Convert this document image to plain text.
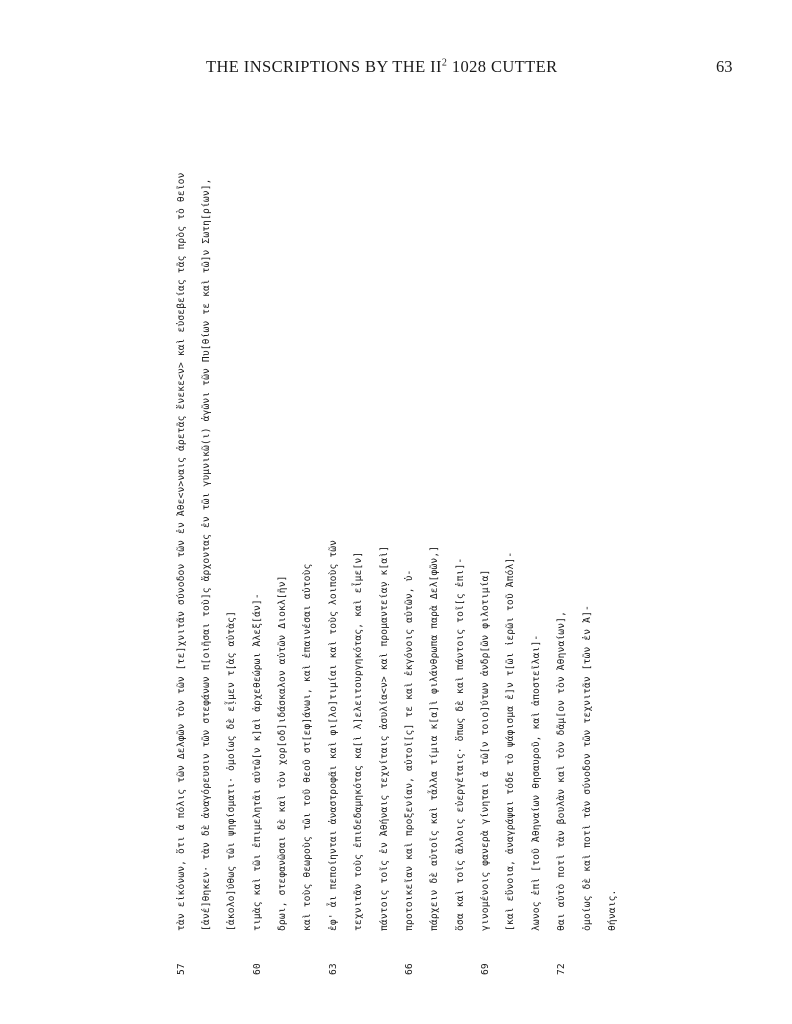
THE INSCRIPTIONS BY THE $II^2$ 1028 CUTTER	63
57
τὰν εἰκόνων, ὅτι ἁ πόλις τῶν Δελφῶν τὸν τῶν [τε]χνιτᾶν σύνοδον τῶν ἐν Ἀθε<ν>ναις ἀρετᾶς ἕνεκε<ν> καὶ εὐσεβείας τᾶς πρὸς τὸ θεῖον	[ἀνέ]θηκεν· τὰν δὲ ἀναγόρευσιν τῶν στεφάνων π[οιῆσαι τοὺ]ς ἄρχοντας ἐν τῶι γυμνικῶ(ι) ἀγῶνι τῶν Πυ[θίων τε καὶ τῶ]ν Σωτη[ρίων],	[ἀκολο]ύθως τῶι ψηφίσματι· ὁμοίως δὲ ε̣ἶμεν τ̣[ὰς αὐτὰς]
60
τιμὰς καὶ τῶι ἐπιμελητᾶι αὐτῶ[ν κ]αὶ ἀρχεθεώρωι Ἀλεξ[άν]-	δρωι, στεφανῶσαι δὲ καὶ τὸν χορ[οδ]ιδάσκαλον αὐτῶν Διοκλ[ῆν]	καὶ τοὺς θεωροὺς τῶι τοῦ θεοῦ στ[εφ]άνωι, καὶ ἐπαινέσαι αὐτοὺς
63
ἐφ' ἇι πεποίηνται ἀναστροφᾶι καὶ φι[λο]τιμίαι καὶ τοὺς λοιποὺς τῶν	τεχνιτᾶν τοὺς ἐπιδεδαμηκότας κα[ὶ λ]ελειτουργηκότας, καὶ εἶμε[ν]	πάντοις τοῖς ἐν Ἀθήναις τεχνίταις ἀσυλία<ν> καὶ προμαντεία̣ν κ[αὶ]
66
προτοικεῖαν καὶ προξενίαν, αὐτοῖ[ς] τε καὶ ἐκγόνοις αὐτῶν, ὑ-	πάρχειν δὲ αὐτοῖς καὶ τἆλλα τίμια κ[α]ὶ φιλάνθρωπα παρὰ Δελ[φῶν,]	ὅσα καὶ τοῖς ἄλλοις εὐεργέταις· ὅπως δὲ καὶ πάντοις τοῖ[ς ἐπι]-
69
γινομένοις φανερὰ γίνηται ἁ τῶ[ν τοιο]ύτων ἀνδρ[ῶν φιλοτιμία]	[καὶ εὔνοια, ἀναγράψαι τόδε τὸ ψάφισμα ἐ]ν τ[ῶι ἱερῶι τοῦ Ἀπόλ]-	λωνος ἐπὶ [τοῦ Ἀθηναίων θησαυροῦ, καὶ ἀποστεῖλαι]-
72
θαι αὐτὸ ποτὶ τὰν βουλὰν καὶ τὸν δᾶμ[ον τὸν Ἀθηναίων],	ὁμοίως δὲ καὶ ποτὶ τὰν σύνοδον τῶν τεχνιτᾶν [τῶν ἐν Ἀ]-	θήναις.
